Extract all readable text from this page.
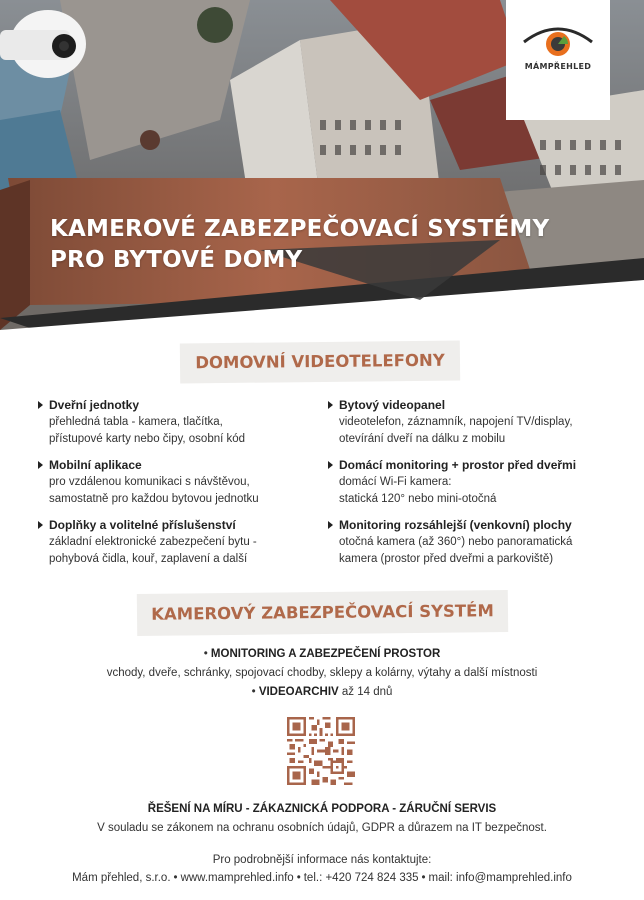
KAMEROVÉ ZABEZPEČOVACÍ SYSTÉMY
PRO BYTOVÉ DOMY
MÁMPŘEHLED
DOMOVNÍ VIDEOTELEFONY
Dveřní jednotky
přehledná tabla - kamera, tlačítka,
přístupové karty nebo čipy, osobní kód
Mobilní aplikace
pro vzdálenou komunikaci s návštěvou,
samostatně pro každou bytovou jednotku
Doplňky a volitelné příslušenství
základní elektronické zabezpečení bytu -
pohybová čidla, kouř, zaplavení a další
Bytový videopanel
videotelefon, záznamník, napojení TV/display,
otevírání dveří na dálku z mobilu
Domácí monitoring + prostor před dveřmi
domácí Wi-Fi kamera:
statická 120° nebo mini-otočná
Monitoring rozsáhlejší (venkovní) plochy
otočná kamera (až 360°) nebo panoramatická
kamera (prostor před dveřmi a parkoviště)
KAMEROVÝ ZABEZPEČOVACÍ SYSTÉM
• MONITORING A ZABEZPEČENÍ PROSTOR
vchody, dveře, schránky, spojovací chodby, sklepy a kolárny, výtahy a další místnosti
• VIDEOARCHIV až 14 dnů
ŘEŠENÍ NA MÍRU - ZÁKAZNICKÁ PODPORA - ZÁRUČNÍ SERVIS
V souladu se zákonem na ochranu osobních údajů, GDPR a důrazem na IT bezpečnost.
Pro podrobnější informace nás kontaktujte:
Mám přehled, s.r.o. • www.mamprehled.info • tel.: +420 724 824 335 • mail: info@mamprehled.info
